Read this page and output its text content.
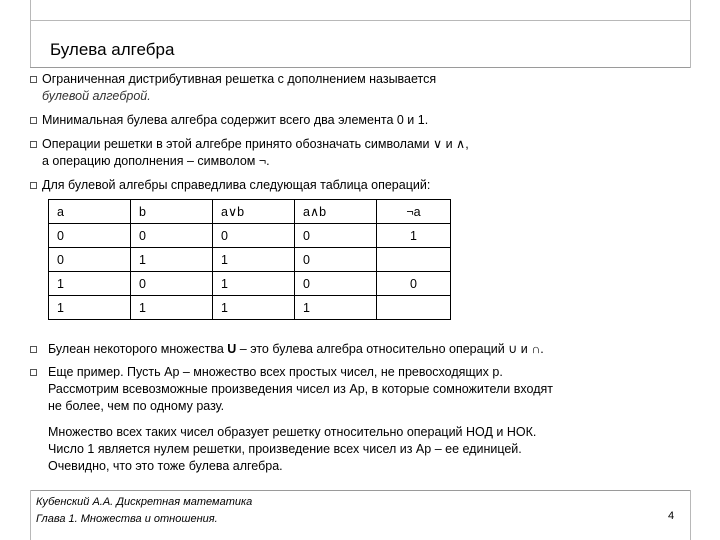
Булева алгебра
Ограниченная дистрибутивная решетка с дополнением называется
булевой алгеброй.
Минимальная булева алгебра содержит всего два элемента 0 и 1.
Операции решетки в этой алгебре принято обозначать символами ∨ и ∧,
а операцию дополнения – символом ¬.
Для булевой алгебры справедлива следующая таблица операций:
a	b	a∨b	a∧b	¬a
0	0	0	0	1
0	1	1	0	
1	0	1	0	0
1	1	1	1	
Булеан некоторого множества U – это булева алгебра относительно операций ∪ и ∩.
Еще пример. Пусть Ap – множество всех простых чисел, не превосходящих p.
Рассмотрим всевозможные произведения чисел из Ap, в которые сомножители входят
не более, чем по одному разу.
Множество всех таких чисел образует решетку относительно операций НОД и НОК.
Число 1 является нулем решетки, произведение всех чисел из Ap – ее единицей.
Очевидно, что это тоже булева алгебра.
Кубенский А.А. Дискретная математика
Глава 1. Множества и отношения.	4
